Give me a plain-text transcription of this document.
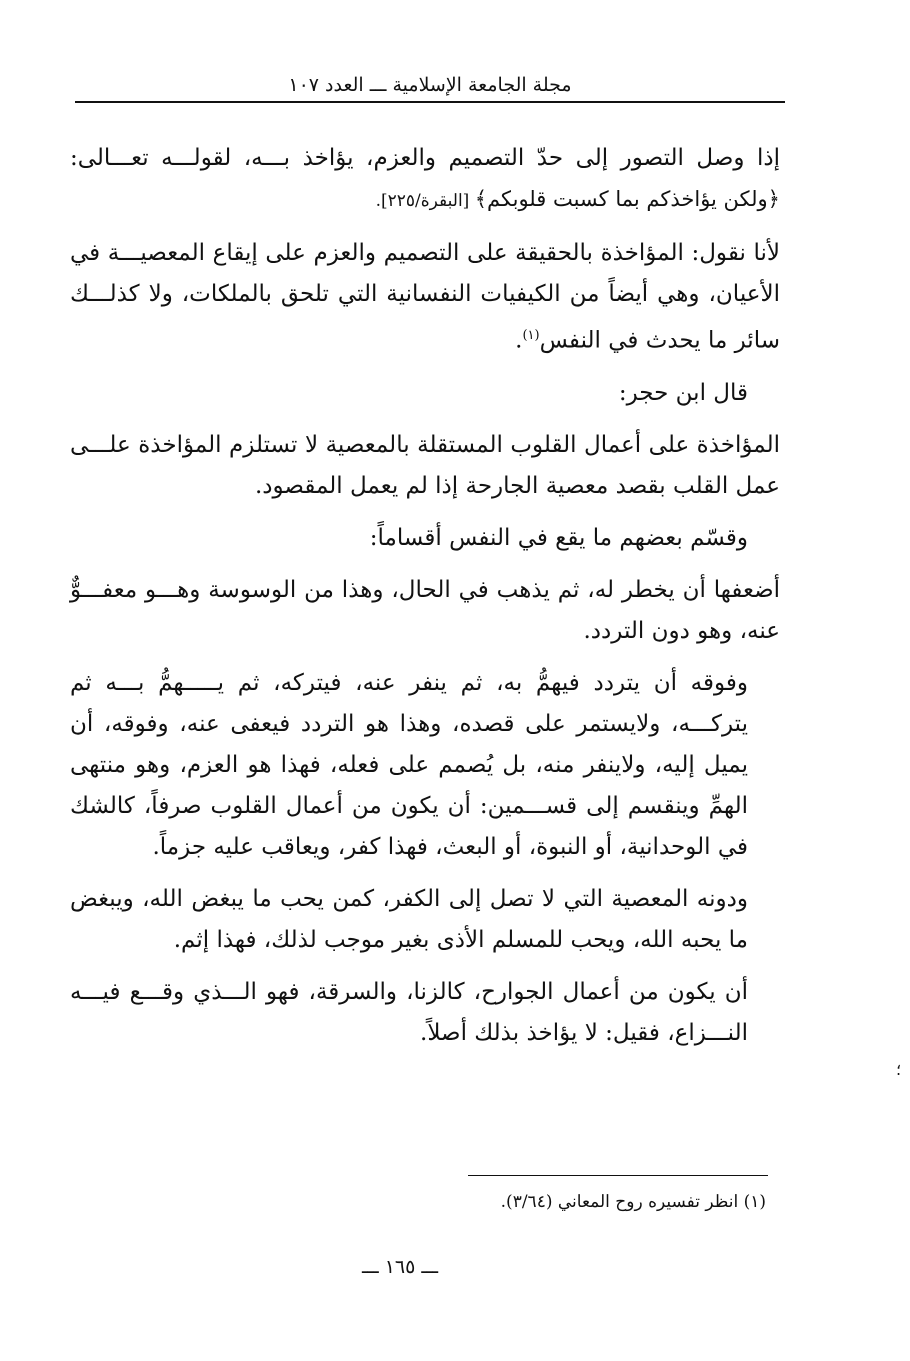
مجلة الجامعة الإسلامية ـــ العدد ١٠٧

إذا وصل التصور إلى حدّ التصميم والعزم، يؤاخذ بـــه، لقولـــه تعـــالى: ﴿ولكن يؤاخذكم بما كسبت قلوبكم﴾ [البقرة/٢٢٥].

لأنا نقول: المؤاخذة بالحقيقة على التصميم والعزم على إيقاع المعصيـــة في الأعيان، وهي أيضاً من الكيفيات النفسانية التي تلحق بالملكات، ولا كذلـــك سائر ما يحدث في النفس$^{(١)}$.

قال ابن حجر:

المؤاخذة على أعمال القلوب المستقلة بالمعصية لا تستلزم المؤاخذة علـــى عمل القلب بقصد معصية الجارحة إذا لم يعمل المقصود.

وقسّم بعضهم ما يقع في النفس أقساماً:

أضعفها أن يخطر له، ثم يذهب في الحال، وهذا من الوسوسة وهـــو معفـــوٌّ عنه، وهو دون التردد.

وفوقه أن يتردد فيهمُّ به، ثم ينفر عنه، فيتركه، ثم يـــــهمُّ بـــه ثم يتركـــه، ولايستمر على قصده، وهذا هو التردد فيعفى عنه، وفوقه، أن يميل إليه، ولاينفر منه، بل يُصمم على فعله، فهذا هو العزم، وهو منتهى الهمِّ وينقسم إلى قســـمين: أن يكون من أعمال القلوب صرفاً، كالشك في الوحدانية، أو النبوة، أو البعث، فهذا كفر، ويعاقب عليه جزماً.

ودونه المعصية التي لا تصل إلى الكفر، كمن يحب ما يبغض الله، ويبغض ما يحبه الله، ويحب للمسلم الأذى بغير موجب لذلك، فهذا إثم.

أن يكون من أعمال الجوارح، كالزنا، والسرقة، فهو الـــذي وقـــع فيـــه النـــزاع، فقيل: لا يؤاخذ بذلك أصلاً.

(١) انظر تفسيره روح المعاني (٣/٦٤).
ـــ ١٦٥ ـــ
؛
